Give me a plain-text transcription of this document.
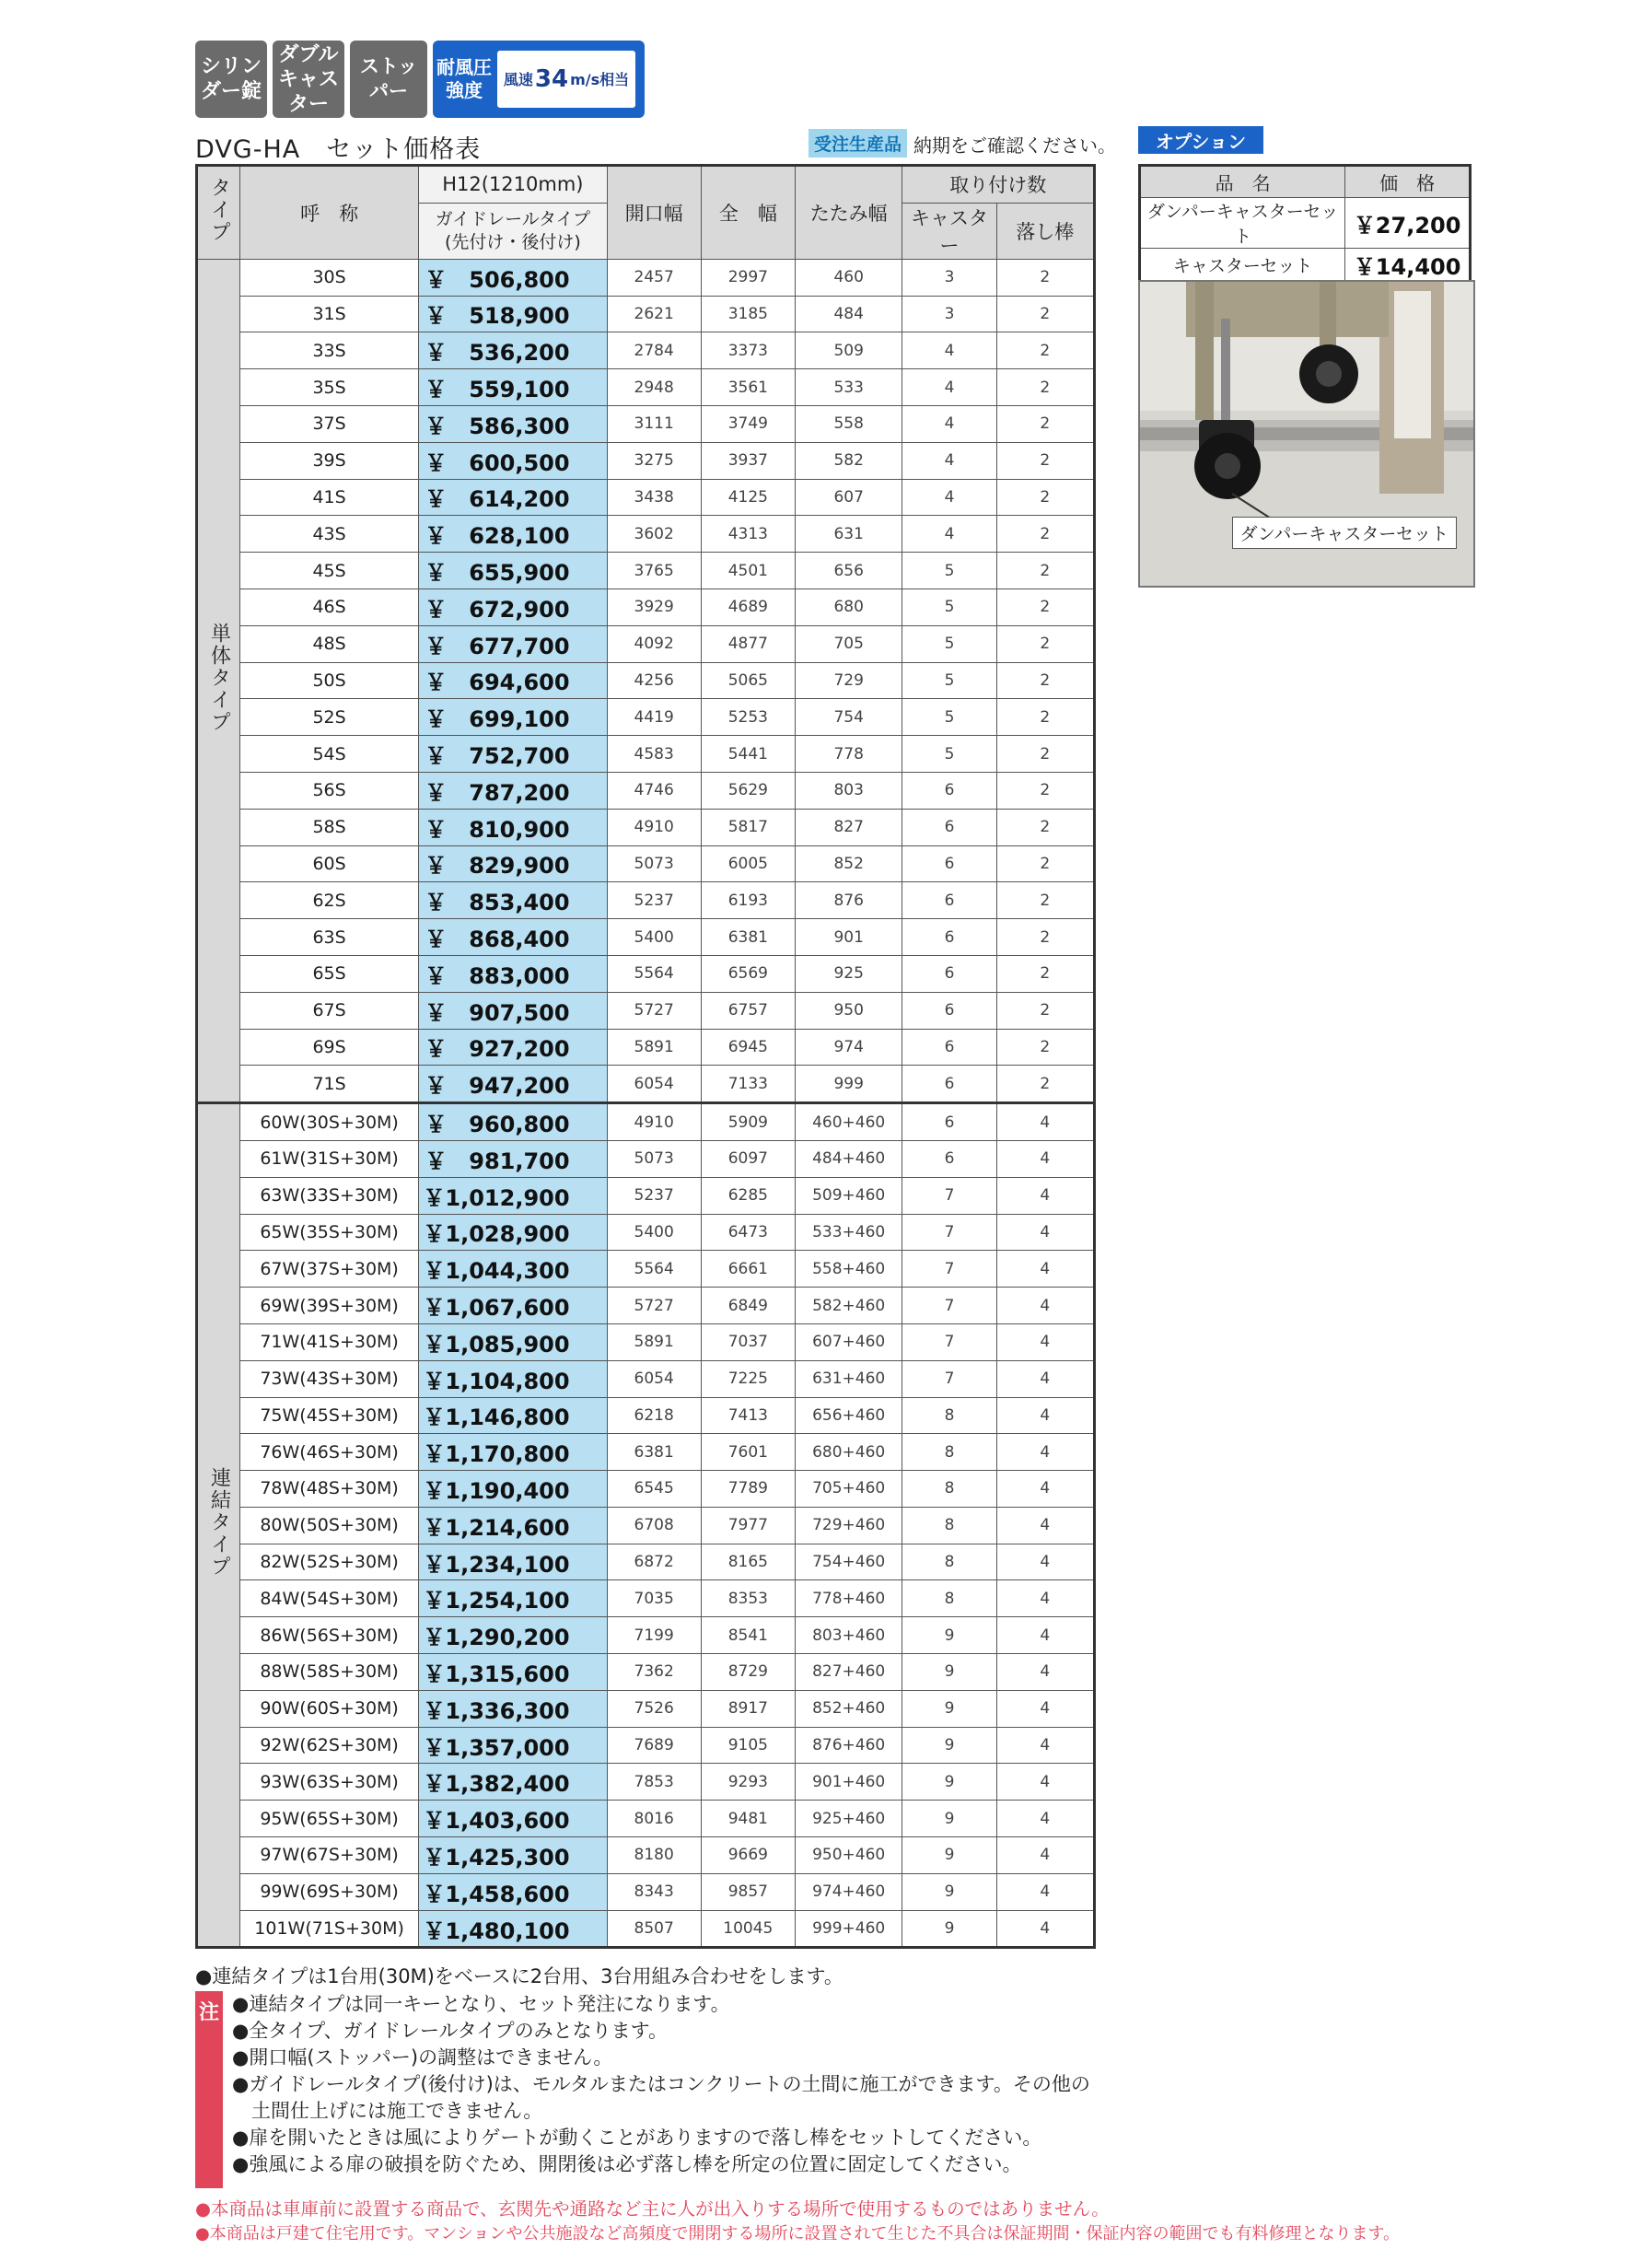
シリンダー錠
ダブルキャスター
ストッパー
耐風圧強度	風速 34 m/s相当
DVG-HA　セット価格表	受注生産品 納期をご確認ください。
タイプ	呼　称	H12(1210mm)	開口幅	全　幅	たたみ幅	取り付け数	

		ガイドレールタイプ
(先付け・後付け)				キャスター	落し棒

単体タイプ	30S	￥　506,800	2457	2997	460	3	2
	31S	￥　518,900	2621	3185	484	3	2
	33S	￥　536,200	2784	3373	509	4	2
	35S	￥　559,100	2948	3561	533	4	2
	37S	￥　586,300	3111	3749	558	4	2
	39S	￥　600,500	3275	3937	582	4	2
	41S	￥　614,200	3438	4125	607	4	2
	43S	￥　628,100	3602	4313	631	4	2
	45S	￥　655,900	3765	4501	656	5	2
	46S	￥　672,900	3929	4689	680	5	2
	48S	￥　677,700	4092	4877	705	5	2
	50S	￥　694,600	4256	5065	729	5	2
	52S	￥　699,100	4419	5253	754	5	2
	54S	￥　752,700	4583	5441	778	5	2
	56S	￥　787,200	4746	5629	803	6	2
	58S	￥　810,900	4910	5817	827	6	2
	60S	￥　829,900	5073	6005	852	6	2
	62S	￥　853,400	5237	6193	876	6	2
	63S	￥　868,400	5400	6381	901	6	2
	65S	￥　883,000	5564	6569	925	6	2
	67S	￥　907,500	5727	6757	950	6	2
	69S	￥　927,200	5891	6945	974	6	2
	71S	￥　947,200	6054	7133	999	6	2
連結タイプ	60W(30S+30M)	￥　960,800	4910	5909	460+460	6	4
	61W(31S+30M)	￥　981,700	5073	6097	484+460	6	4
	63W(33S+30M)	￥1,012,900	5237	6285	509+460	7	4
	65W(35S+30M)	￥1,028,900	5400	6473	533+460	7	4
	67W(37S+30M)	￥1,044,300	5564	6661	558+460	7	4
	69W(39S+30M)	￥1,067,600	5727	6849	582+460	7	4
	71W(41S+30M)	￥1,085,900	5891	7037	607+460	7	4
	73W(43S+30M)	￥1,104,800	6054	7225	631+460	7	4
	75W(45S+30M)	￥1,146,800	6218	7413	656+460	8	4
	76W(46S+30M)	￥1,170,800	6381	7601	680+460	8	4
	78W(48S+30M)	￥1,190,400	6545	7789	705+460	8	4
	80W(50S+30M)	￥1,214,600	6708	7977	729+460	8	4
	82W(52S+30M)	￥1,234,100	6872	8165	754+460	8	4
	84W(54S+30M)	￥1,254,100	7035	8353	778+460	8	4
	86W(56S+30M)	￥1,290,200	7199	8541	803+460	9	4
	88W(58S+30M)	￥1,315,600	7362	8729	827+460	9	4
	90W(60S+30M)	￥1,336,300	7526	8917	852+460	9	4
	92W(62S+30M)	￥1,357,000	7689	9105	876+460	9	4
	93W(63S+30M)	￥1,382,400	7853	9293	901+460	9	4
	95W(65S+30M)	￥1,403,600	8016	9481	925+460	9	4
	97W(67S+30M)	￥1,425,300	8180	9669	950+460	9	4
	99W(69S+30M)	￥1,458,600	8343	9857	974+460	9	4
	101W(71S+30M)	￥1,480,100	8507	10045	999+460	9	4
オプション
品　名	価　格
ダンパーキャスターセット	￥27,200
キャスターセット	￥14,400
ダンパーキャスターセット
●連結タイプは1台用(30M)をベースに2台用、3台用組み合わせをします。
注 ●連結タイプは同一キーとなり、セット発注になります。
●全タイプ、ガイドレールタイプのみとなります。
●開口幅(ストッパー)の調整はできません。
●ガイドレールタイプ(後付け)は、モルタルまたはコンクリートの土間に施工ができます。その他の
　土間仕上げには施工できません。
●扉を開いたときは風によりゲートが動くことがありますので落し棒をセットしてください。
●強風による扉の破損を防ぐため、開閉後は必ず落し棒を所定の位置に固定してください。
●本商品は車庫前に設置する商品で、玄関先や通路など主に人が出入りする場所で使用するものではありません。
●本商品は戸建て住宅用です。マンションや公共施設など高頻度で開閉する場所に設置されて生じた不具合は保証期間・保証内容の範囲でも有料修理となります。
